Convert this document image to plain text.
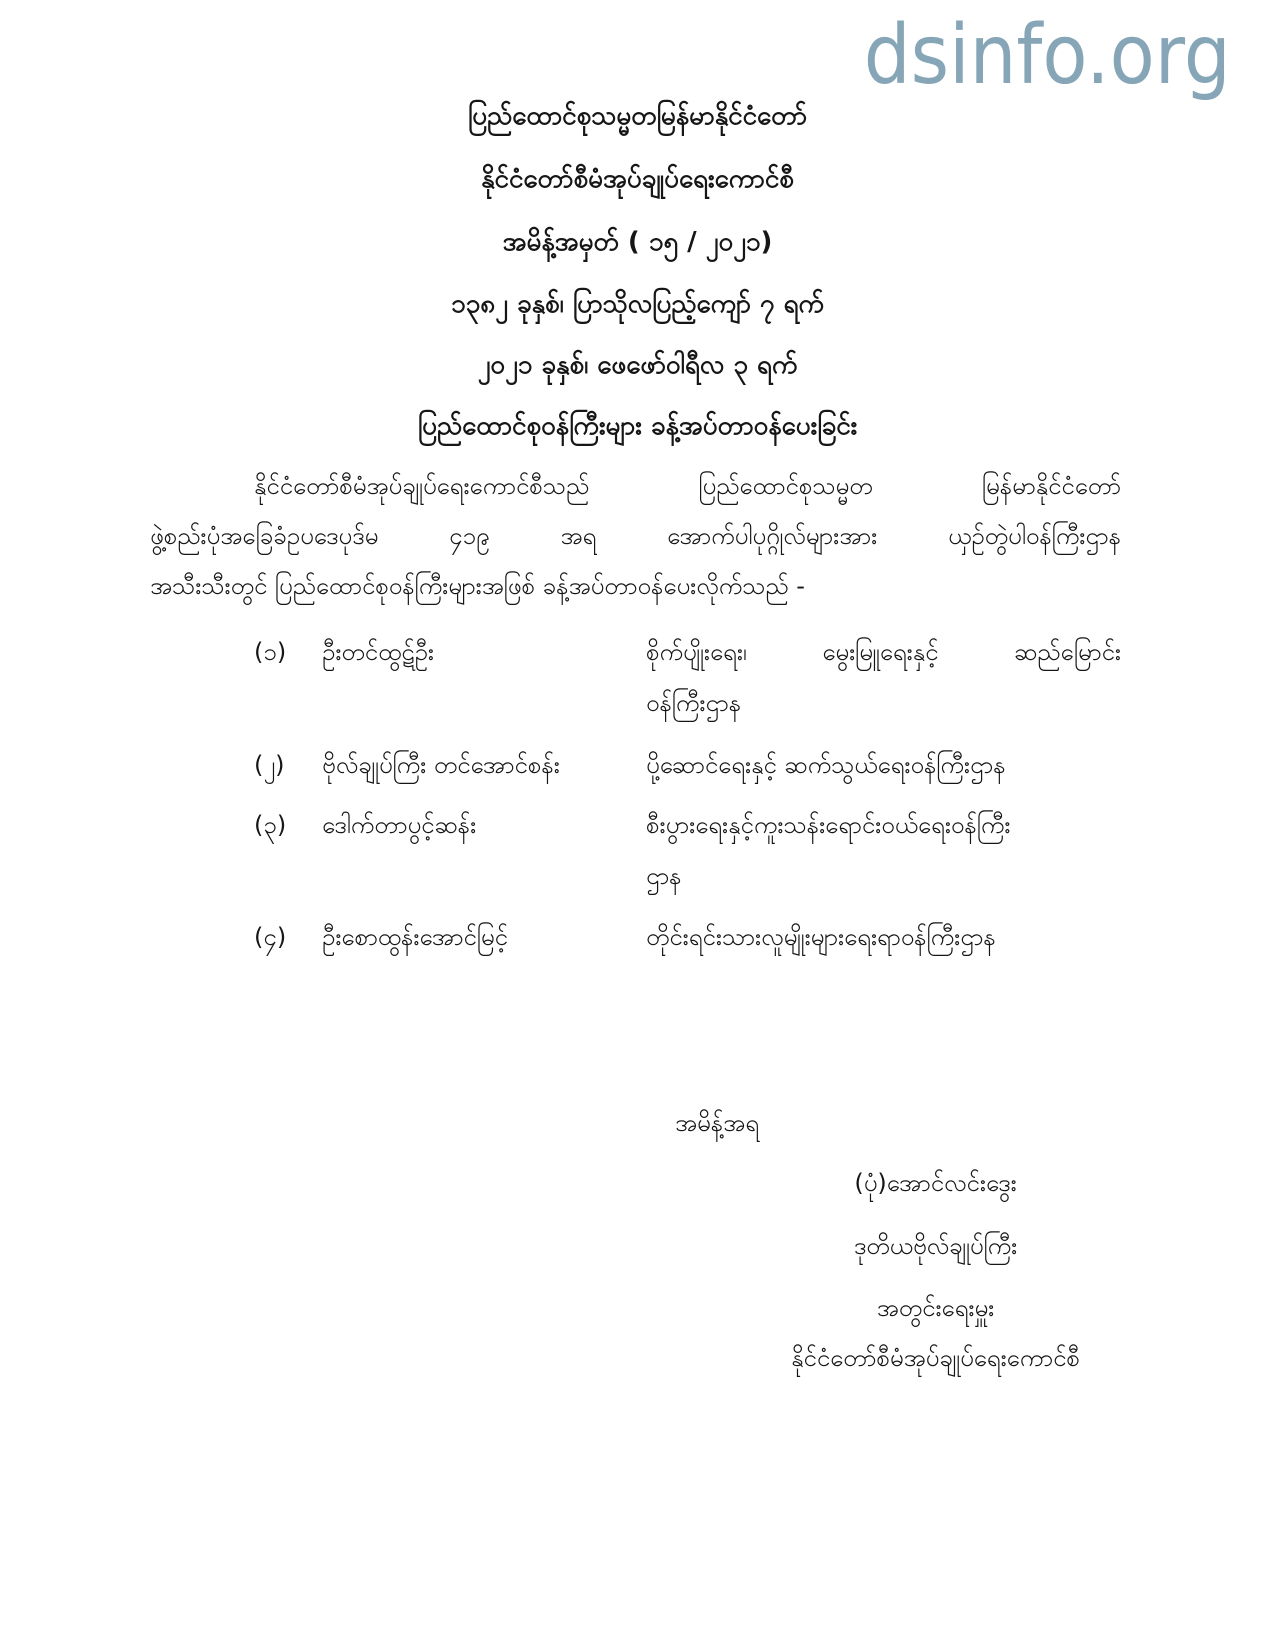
dsinfo.org
ပြည်ထောင်စုသမ္မတမြန်မာနိုင်ငံတော်
နိုင်ငံတော်စီမံအုပ်ချုပ်ရေးကောင်စီ
အမိန့်အမှတ် ( ၁၅ / ၂၀၂၁)
၁၃၈၂ ခုနှစ်၊ ပြာသိုလပြည့်ကျော် ၇ ရက်
၂၀၂၁ ခုနှစ်၊ ဖေဖော်ဝါရီလ ၃ ရက်
ပြည်ထောင်စုဝန်ကြီးများ ခန့်အပ်တာဝန်ပေးခြင်း
နိုင်ငံတော်စီမံအုပ်ချုပ်ရေးကောင်စီသည် ပြည်ထောင်စုသမ္မတ မြန်မာနိုင်ငံတော်
ဖွဲ့စည်းပုံအခြေခံဥပဒေပုဒ်မ ၄၁၉ အရ အောက်ပါပုဂ္ဂိုလ်များအား ယှဉ်တွဲပါဝန်ကြီးဌာန
အသီးသီးတွင် ပြည်ထောင်စုဝန်ကြီးများအဖြစ် ခန့်အပ်တာဝန်ပေးလိုက်သည် -
(၁)	ဦးတင်ထွဋ်ဦး	စိုက်ပျိုးရေး၊ မွေးမြူရေးနှင့် ဆည်မြောင်း
ဝန်ကြီးဌာန
(၂)	ဗိုလ်ချုပ်ကြီး တင်အောင်စန်း	ပို့ဆောင်ရေးနှင့် ဆက်သွယ်ရေးဝန်ကြီးဌာန
(၃)	ဒေါက်တာပွင့်ဆန်း	စီးပွားရေးနှင့်ကူးသန်းရောင်းဝယ်ရေးဝန်ကြီး
ဌာန
(၄)	ဦးစောထွန်းအောင်မြင့်	တိုင်းရင်းသားလူမျိုးများရေးရာဝန်ကြီးဌာန
အမိန့်အရ
(ပုံ)အောင်လင်းဒွေး
ဒုတိယဗိုလ်ချုပ်ကြီး
အတွင်းရေးမှူး
နိုင်ငံတော်စီမံအုပ်ချုပ်ရေးကောင်စီ
